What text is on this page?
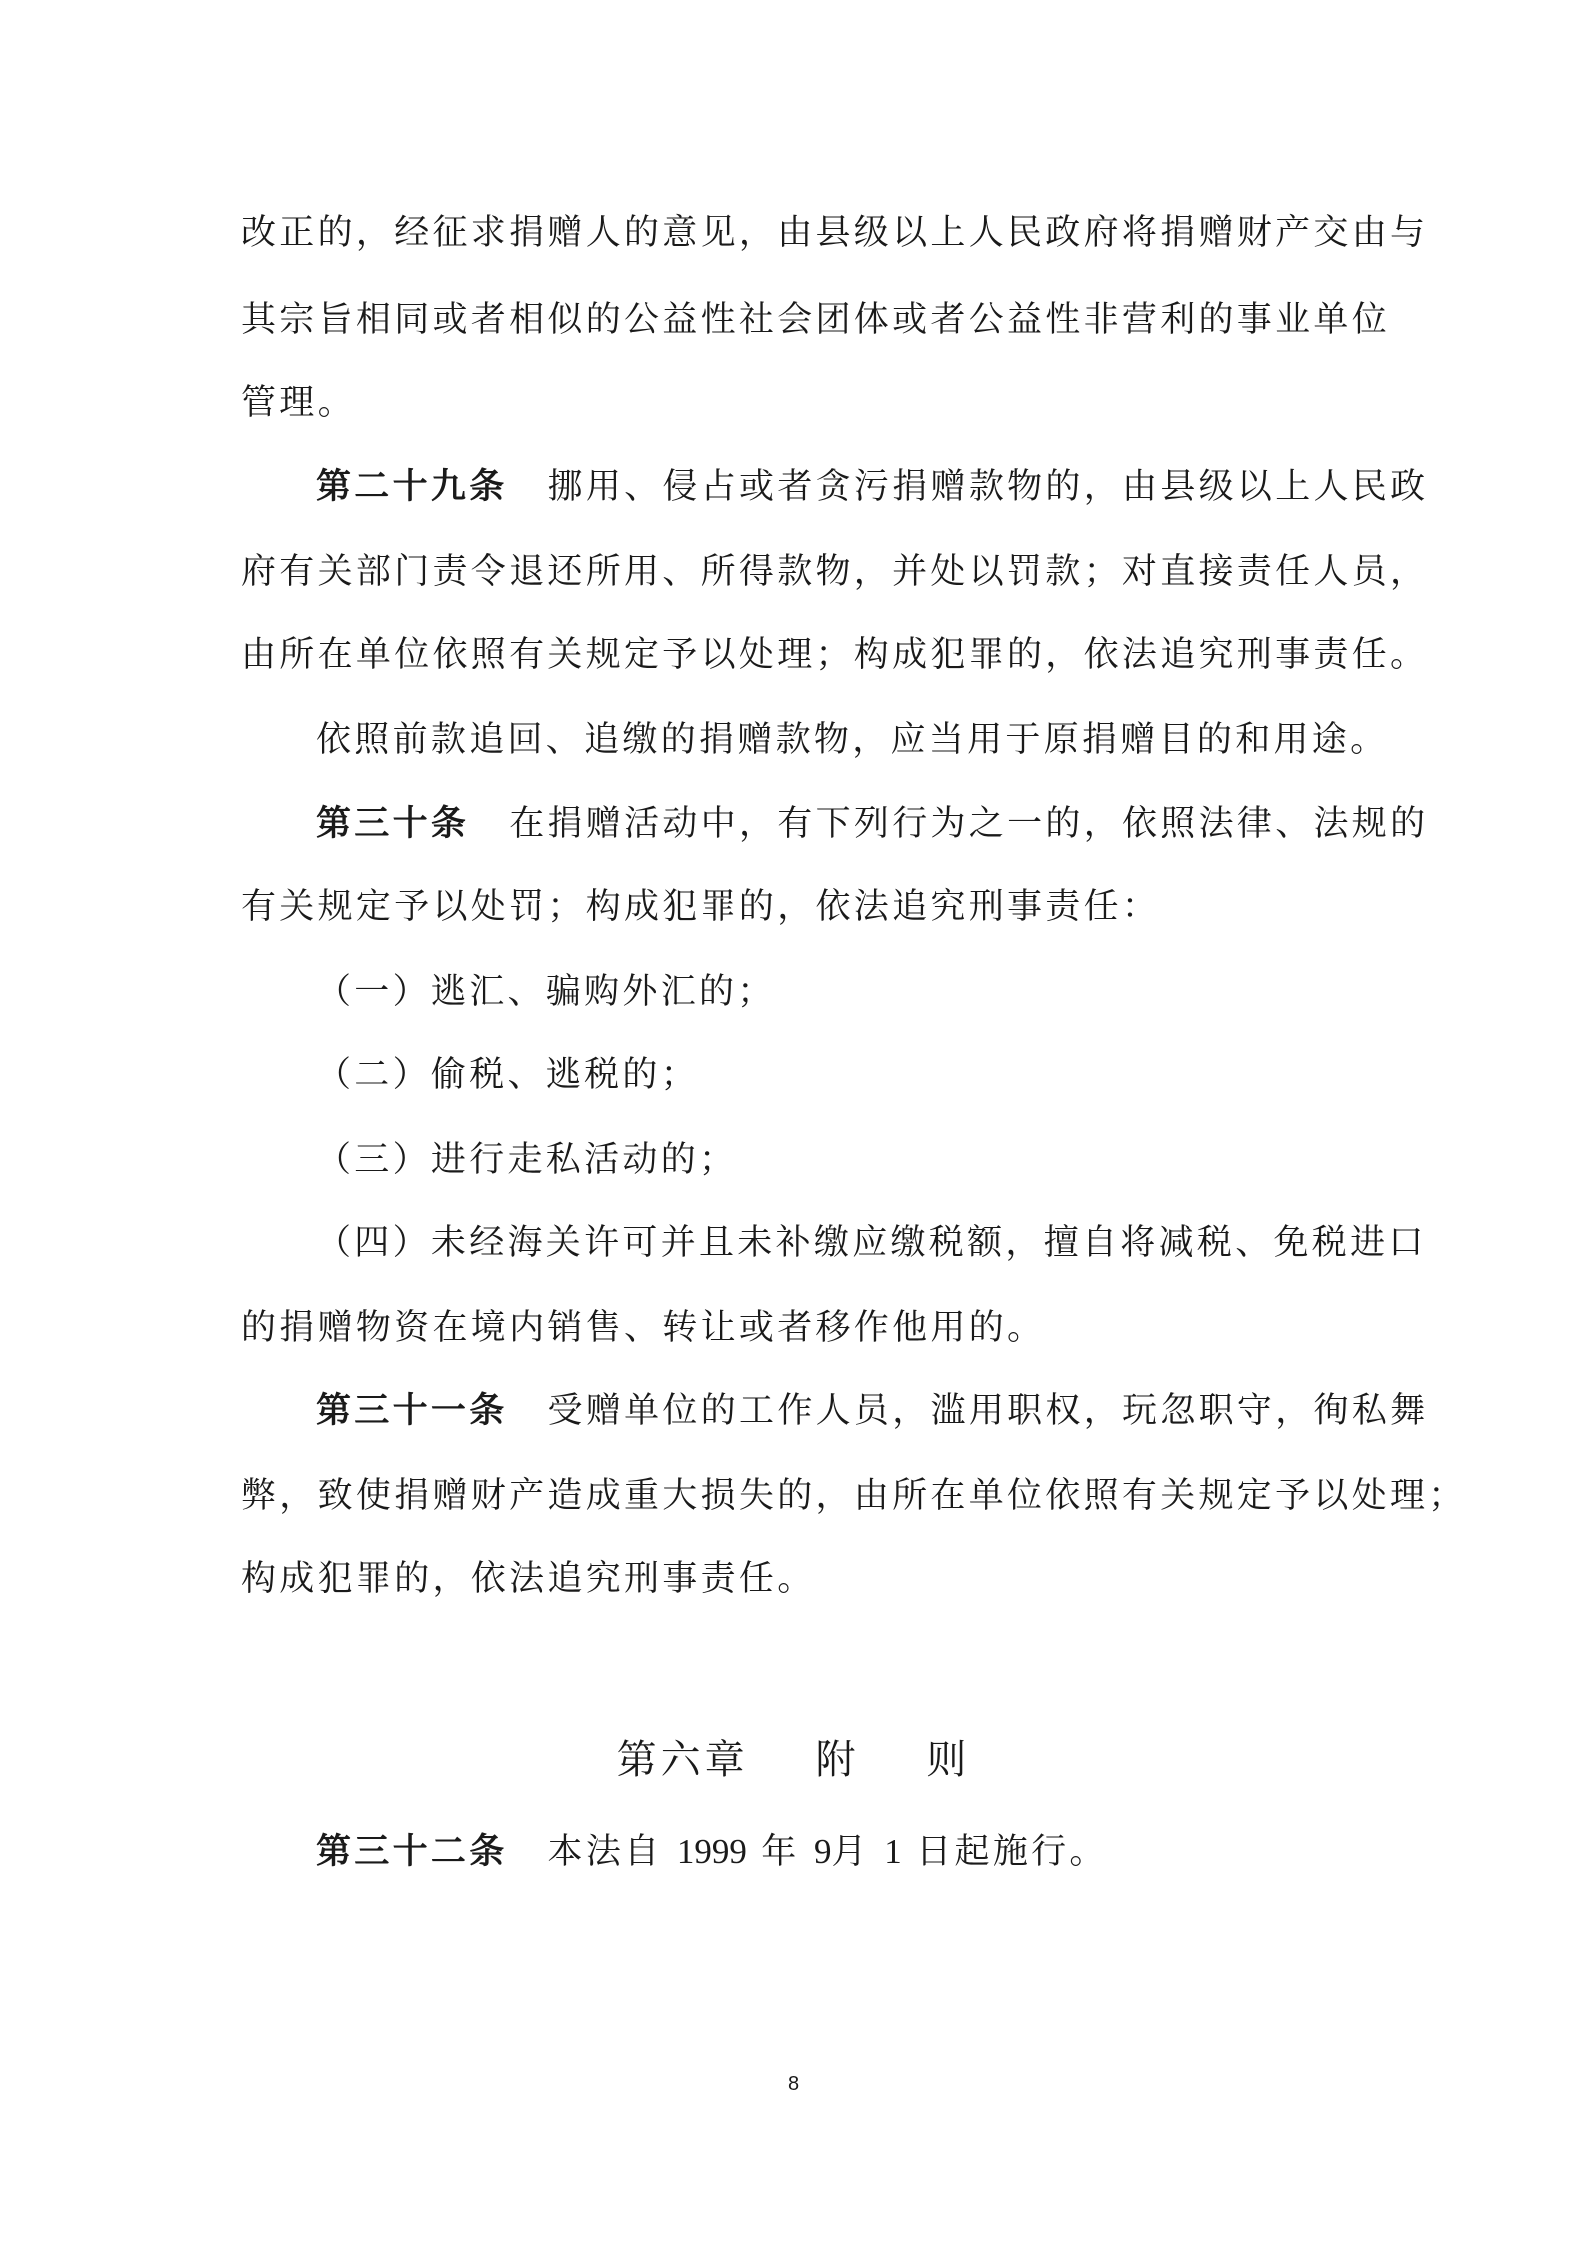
改正的，经征求捐赠人的意见，由县级以上人民政府将捐赠财产交由与
其宗旨相同或者相似的公益性社会团体或者公益性非营利的事业单位
管理。
第二十九条 挪用、侵占或者贪污捐赠款物的，由县级以上人民政
府有关部门责令退还所用、所得款物，并处以罚款；对直接责任人员，
由所在单位依照有关规定予以处理；构成犯罪的，依法追究刑事责任。
依照前款追回、追缴的捐赠款物，应当用于原捐赠目的和用途。
第三十条 在捐赠活动中，有下列行为之一的，依照法律、法规的
有关规定予以处罚；构成犯罪的，依法追究刑事责任：
（一）逃汇、骗购外汇的；
（二）偷税、逃税的；
（三）进行走私活动的；
（四）未经海关许可并且未补缴应缴税额，擅自将减税、免税进口
的捐赠物资在境内销售、转让或者移作他用的。
第三十一条 受赠单位的工作人员，滥用职权，玩忽职守，徇私舞
弊，致使捐赠财产造成重大损失的，由所在单位依照有关规定予以处理；
构成犯罪的，依法追究刑事责任。
第六章    附    则
第三十二条 本法自 1999 年 9月 1 日起施行。
8
